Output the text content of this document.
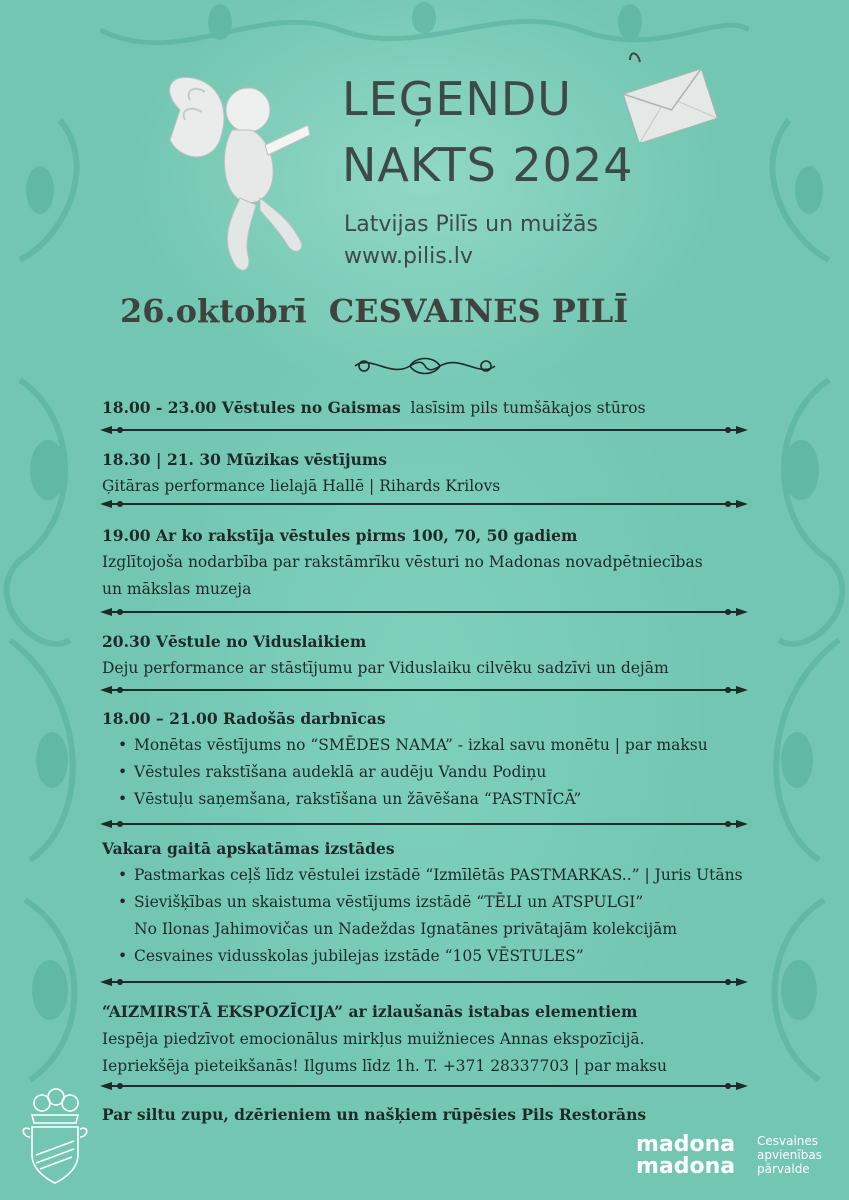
LEĢENDU
NAKTS 2024
Latvijas Pilīs un muižās
www.pilis.lv
26.oktobrī CESVAINES PILĪ
18.00 - 23.00 Vēstules no Gaismas lasīsim pils tumšākajos stūros
18.30 | 21. 30 Mūzikas vēstījums
Ģitāras performance lielajā Hallē | Rihards Krilovs
19.00 Ar ko rakstīja vēstules pirms 100, 70, 50 gadiem
Izglītojoša nodarbība par rakstāmrīku vēsturi no Madonas novadpētniecības un mākslas muzeja
20.30 Vēstule no Viduslaikiem
Deju performance ar stāstījumu par Viduslaiku cilvēku sadzīvi un dejām
18.00 – 21.00 Radošās darbnīcas
• Monētas vēstījums no “SMĒDES NAMA” - izkal savu monētu | par maksu
• Vēstules rakstīšana audeklā ar audēju Vandu Podiņu
• Vēstuļu saņemšana, rakstīšana un žāvēšana “PASTNĪCĀ”
Vakara gaitā apskatāmas izstādes
• Pastmarkas ceļš līdz vēstulei izstādē “Izmīlētās PASTMARKAS..” | Juris Utāns
• Sievišķības un skaistuma vēstījums izstādē “TĒLI un ATSPULGI”
No Ilonas Jahimovičas un Nadeždas Ignatānes privātajām kolekcijām
• Cesvaines vidusskolas jubilejas izstāde “105 VĒSTULES”
“AIZMIRSTĀ EKSPOZĪCIJA” ar izlaušanās istabas elementiem
Iespēja piedzīvot emocionālus mirkļus muižnieces Annas ekspozīcijā.
Iepriekšēja pieteikšanās! Ilgums līdz 1h. T. +371 28337703 | par maksu
Par siltu zupu, dzērieniem un našķiem rūpēsies Pils Restorāns
madona
madona
Cesvaines
apvienības
pārvalde
